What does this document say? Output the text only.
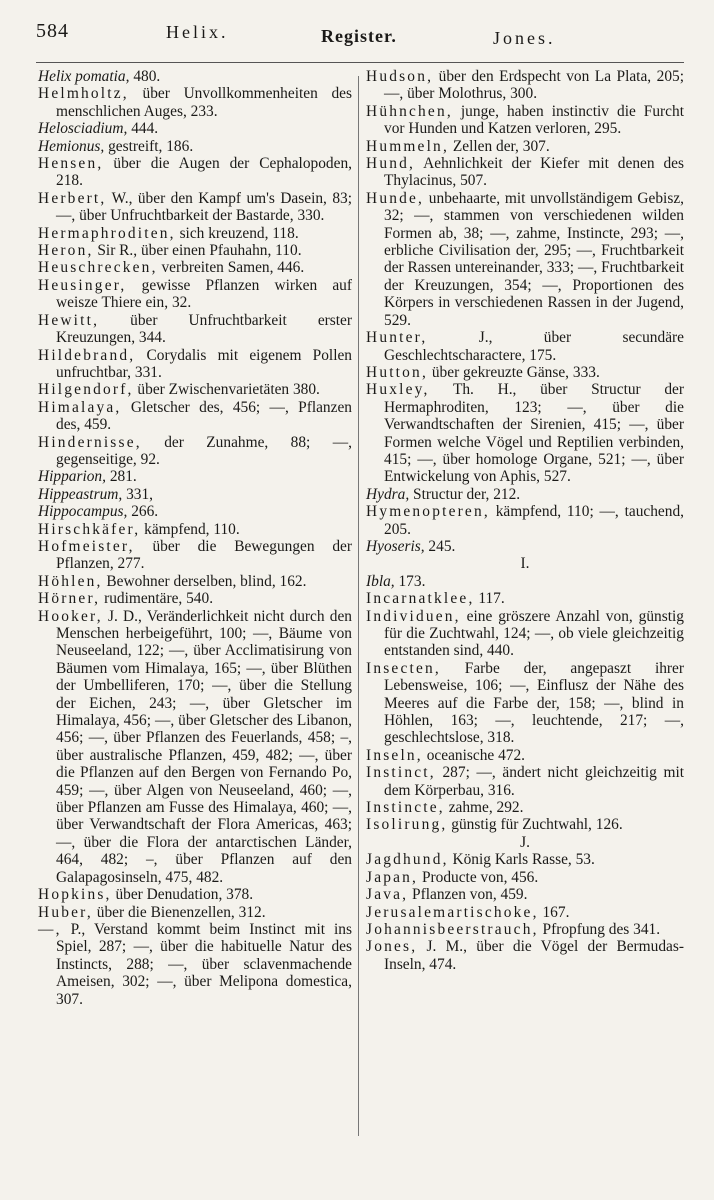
584	Helix.	Register.	Jones.

Helix pomatia, 480.

Helmholtz, über Unvollkommenheiten des menschlichen Auges, 233.

Helosciadium, 444.

Hemionus, gestreift, 186.

Hensen, über die Augen der Cephalopoden, 218.

Herbert, W., über den Kampf um's Dasein, 83; —, über Unfruchtbarkeit der Bastarde, 330.

Hermaphroditen, sich kreuzend, 118.

Heron, Sir R., über einen Pfauhahn, 110.

Heuschrecken, verbreiten Samen, 446.

Heusinger, gewisse Pflanzen wirken auf weisze Thiere ein, 32.

Hewitt, über Unfruchtbarkeit erster Kreuzungen, 344.

Hildebrand, Corydalis mit eigenem Pollen unfruchtbar, 331.

Hilgendorf, über Zwischenvarietäten 380.

Himalaya, Gletscher des, 456; —, Pflanzen des, 459.

Hindernisse, der Zunahme, 88; —, gegenseitige, 92.

Hipparion, 281.

Hippeastrum, 331,

Hippocampus, 266.

Hirschkäfer, kämpfend, 110.

Hofmeister, über die Bewegungen der Pflanzen, 277.

Höhlen, Bewohner derselben, blind, 162.

Hörner, rudimentäre, 540.

Hooker, J. D., Veränderlichkeit nicht durch den Menschen herbeigeführt, 100; —, Bäume von Neuseeland, 122; —, über Acclimatisirung von Bäumen vom Himalaya, 165; —, über Blüthen der Umbelliferen, 170; —, über die Stellung der Eichen, 243; —, über Gletscher im Himalaya, 456; —, über Gletscher des Libanon, 456; —, über Pflanzen des Feuerlands, 458; –, über australische Pflanzen, 459, 482; —, über die Pflanzen auf den Bergen von Fernando Po, 459; —, über Algen von Neuseeland, 460; —, über Pflanzen am Fusse des Himalaya, 460; —, über Verwandtschaft der Flora Americas, 463; —, über die Flora der antarctischen Länder, 464, 482; –, über Pflanzen auf den Galapagosinseln, 475, 482.

Hopkins, über Denudation, 378.

Huber, über die Bienenzellen, 312.

—, P., Verstand kommt beim Instinct mit ins Spiel, 287; —, über die habituelle Natur des Instincts, 288; —, über sclavenmachende Ameisen, 302; —, über Melipona domestica, 307.

Hudson, über den Erdspecht von La Plata, 205; —, über Molothrus, 300.

Hühnchen, junge, haben instinctiv die Furcht vor Hunden und Katzen verloren, 295.

Hummeln, Zellen der, 307.

Hund, Aehnlichkeit der Kiefer mit denen des Thylacinus, 507.

Hunde, unbehaarte, mit unvollständigem Gebisz, 32; —, stammen von verschiedenen wilden Formen ab, 38; —, zahme, Instincte, 293; —, erbliche Civilisation der, 295; —, Fruchtbarkeit der Rassen untereinander, 333; —, Fruchtbarkeit der Kreuzungen, 354; —, Proportionen des Körpers in verschiedenen Rassen in der Jugend, 529.

Hunter, J., über secundäre Geschlechtscharactere, 175.

Hutton, über gekreuzte Gänse, 333.

Huxley, Th. H., über Structur der Hermaphroditen, 123; —, über die Verwandtschaften der Sirenien, 415; —, über Formen welche Vögel und Reptilien verbinden, 415; —, über homologe Organe, 521; —, über Entwickelung von Aphis, 527.

Hydra, Structur der, 212.

Hymenopteren, kämpfend, 110; —, tauchend, 205.

Hyoseris, 245.

I.

Ibla, 173.

Incarnatklee, 117.

Individuen, eine gröszere Anzahl von, günstig für die Zuchtwahl, 124; —, ob viele gleichzeitig entstanden sind, 440.

Insecten, Farbe der, angepaszt ihrer Lebensweise, 106; —, Einflusz der Nähe des Meeres auf die Farbe der, 158; —, blind in Höhlen, 163; —, leuchtende, 217; —, geschlechtslose, 318.

Inseln, oceanische 472.

Instinct, 287; —, ändert nicht gleichzeitig mit dem Körperbau, 316.

Instincte, zahme, 292.

Isolirung, günstig für Zuchtwahl, 126.

J.

Jagdhund, König Karls Rasse, 53.

Japan, Producte von, 456.

Java, Pflanzen von, 459.

Jerusalemartischoke, 167.

Johannisbeerstrauch, Pfropfung des 341.

Jones, J. M., über die Vögel der Bermudas-Inseln, 474.
